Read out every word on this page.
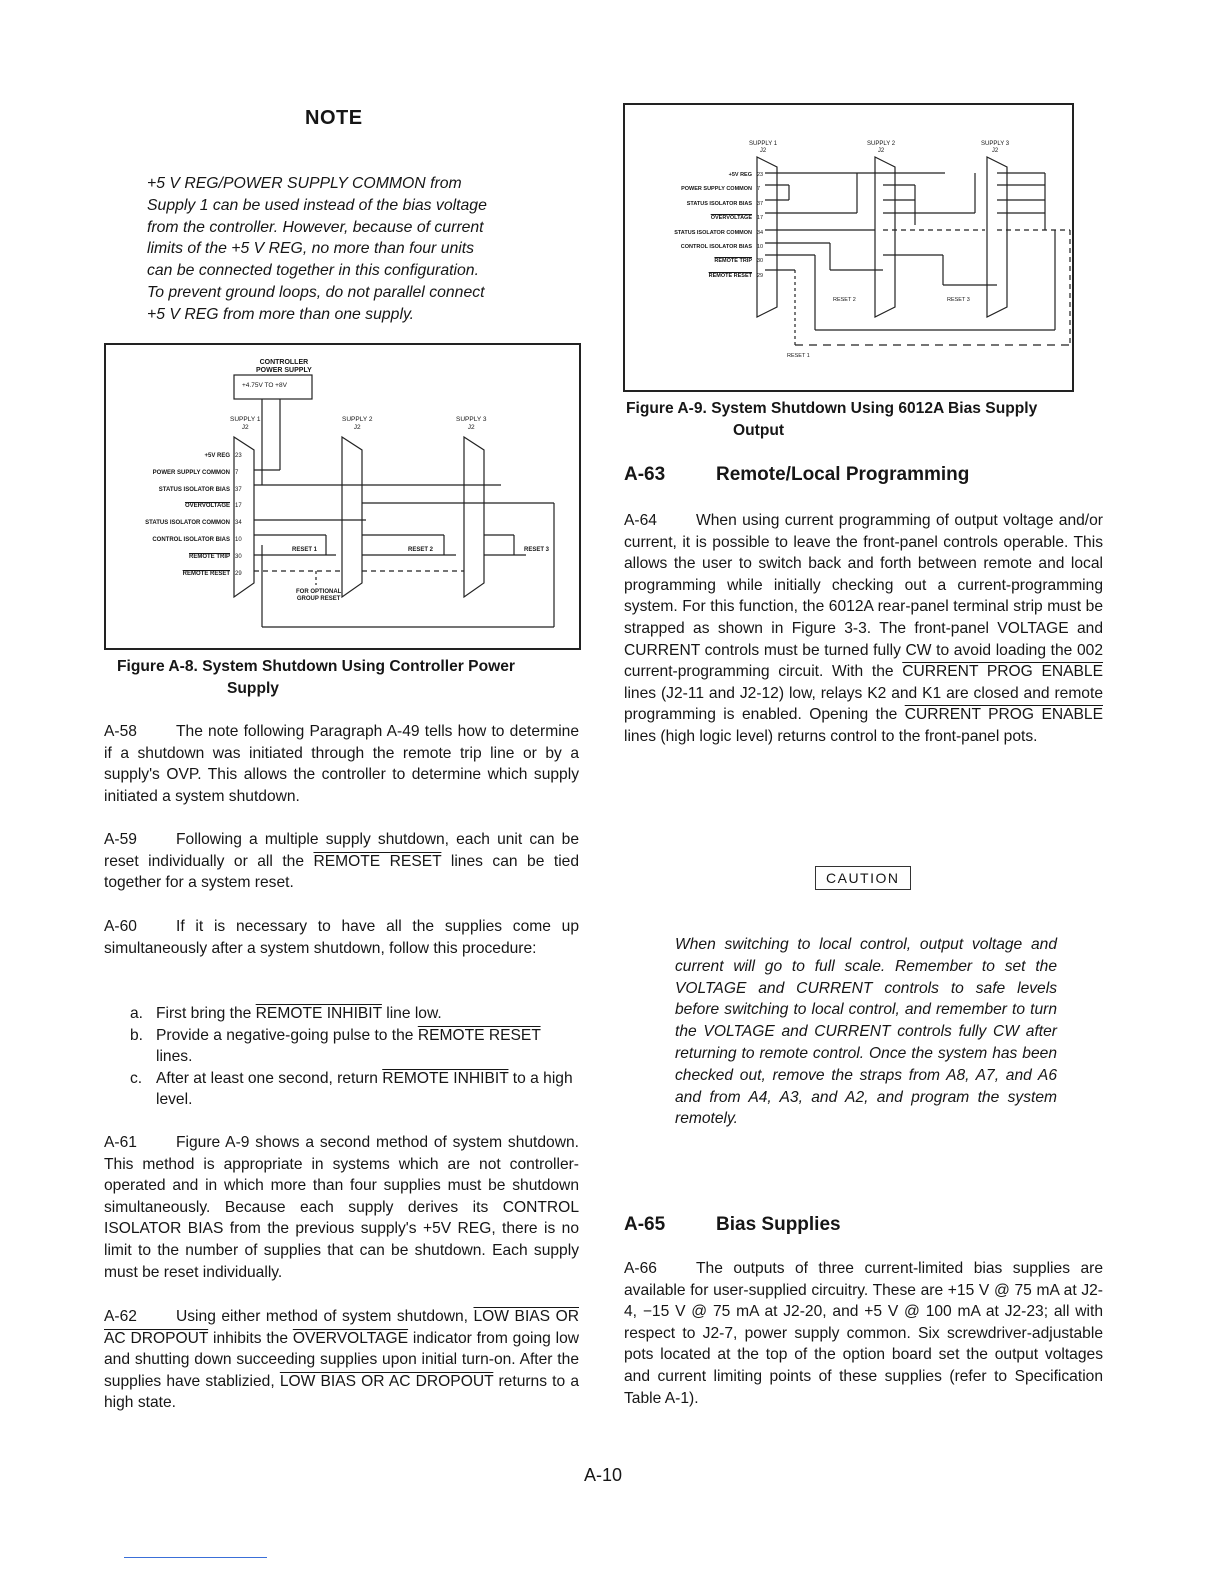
NOTE
+5 V REG/POWER SUPPLY COMMON from
Supply 1 can be used instead of the bias voltage
from the controller. However, because of current
limits of the +5 V REG, no more than four units
can be connected together in this configuration.
To prevent ground loops, do not parallel connect
+5 V REG from more than one supply.
CONTROLLER
POWER SUPPLY
+4.75V TO +8V
SUPPLY 1
J2
SUPPLY 2
J2
SUPPLY 3
J2
+5V REG
POWER SUPPLY COMMON
STATUS ISOLATOR BIAS
OVERVOLTAGE
STATUS ISOLATOR COMMON
CONTROL ISOLATOR BIAS
REMOTE TRIP
REMOTE RESET
23
7
37
17
34
10
30
29
RESET 1	RESET 2	RESET 3
FOR OPTIONAL
GROUP RESET
Figure A-8. System Shutdown Using Controller Power
Supply
SUPPLY 1
J2
SUPPLY 2
J2
SUPPLY 3
J2
+5V REG
POWER SUPPLY COMMON
STATUS ISOLATOR BIAS
OVERVOLTAGE
STATUS ISOLATOR COMMON
CONTROL ISOLATOR BIAS
REMOTE TRIP
REMOTE RESET
23
7
37
17
34
10
30
29
RESET 2	RESET 3
RESET 1
Figure A-9. System Shutdown Using 6012A Bias Supply
Output

A-58	The note following Paragraph A-49 tells how to determine if a shutdown was initiated through the remote trip line or by a supply's OVP. This allows the controller to determine which supply initiated a system shutdown.

A-59	Following a multiple supply shutdown, each unit can be reset individually or all the REMOTE RESET lines can be tied together for a system reset.

A-60	If it is necessary to have all the supplies come up simultaneously after a system shutdown, follow this procedure:

a. First bring the REMOTE INHIBIT line low.
b. Provide a negative-going pulse to the REMOTE RESET lines.
c. After at least one second, return REMOTE INHIBIT to a high level.

A-61	Figure A-9 shows a second method of system shutdown. This method is appropriate in systems which are not controller-operated and in which more than four supplies must be shutdown simultaneously. Because each supply derives its CONTROL ISOLATOR BIAS from the previous supply's +5V REG, there is no limit to the number of supplies that can be shutdown. Each supply must be reset individually.

A-62	Using either method of system shutdown, LOW BIAS OR AC DROPOUT inhibits the OVERVOLTAGE indicator from going low and shutting down succeeding supplies upon initial turn-on. After the supplies have stablizied, LOW BIAS OR AC DROPOUT returns to a high state.

A-63	Remote/Local Programming

A-64	When using current programming of output voltage and/or current, it is possible to leave the front-panel controls operable. This allows the user to switch back and forth between remote and local programming while initially checking out a current-programming system. For this function, the 6012A rear-panel terminal strip must be strapped as shown in Figure 3-3. The front-panel VOLTAGE and CURRENT controls must be turned fully CW to avoid loading the 002 current-programming circuit. With the CURRENT PROG ENABLE lines (J2-11 and J2-12) low, relays K2 and K1 are closed and remote programming is enabled. Opening the CURRENT PROG ENABLE lines (high logic level) returns control to the front-panel pots.

CAUTION

When switching to local control, output voltage and current will go to full scale. Remember to set the VOLTAGE and CURRENT controls to safe levels before switching to local control, and remember to turn the VOLTAGE and CURRENT controls fully CW after returning to remote control. Once the system has been checked out, remove the straps from A8, A7, and A6 and from A4, A3, and A2, and program the system remotely.

A-65	Bias Supplies

A-66	The outputs of three current-limited bias supplies are available for user-supplied circuitry. These are +15 V @ 75 mA at J2-4, −15 V @ 75 mA at J2-20, and +5 V @ 100 mA at J2-23; all with respect to J2-7, power supply common. Six screwdriver-adjustable pots located at the top of the option board set the output voltages and current limiting points of these supplies (refer to Specification Table A-1).

A-10
